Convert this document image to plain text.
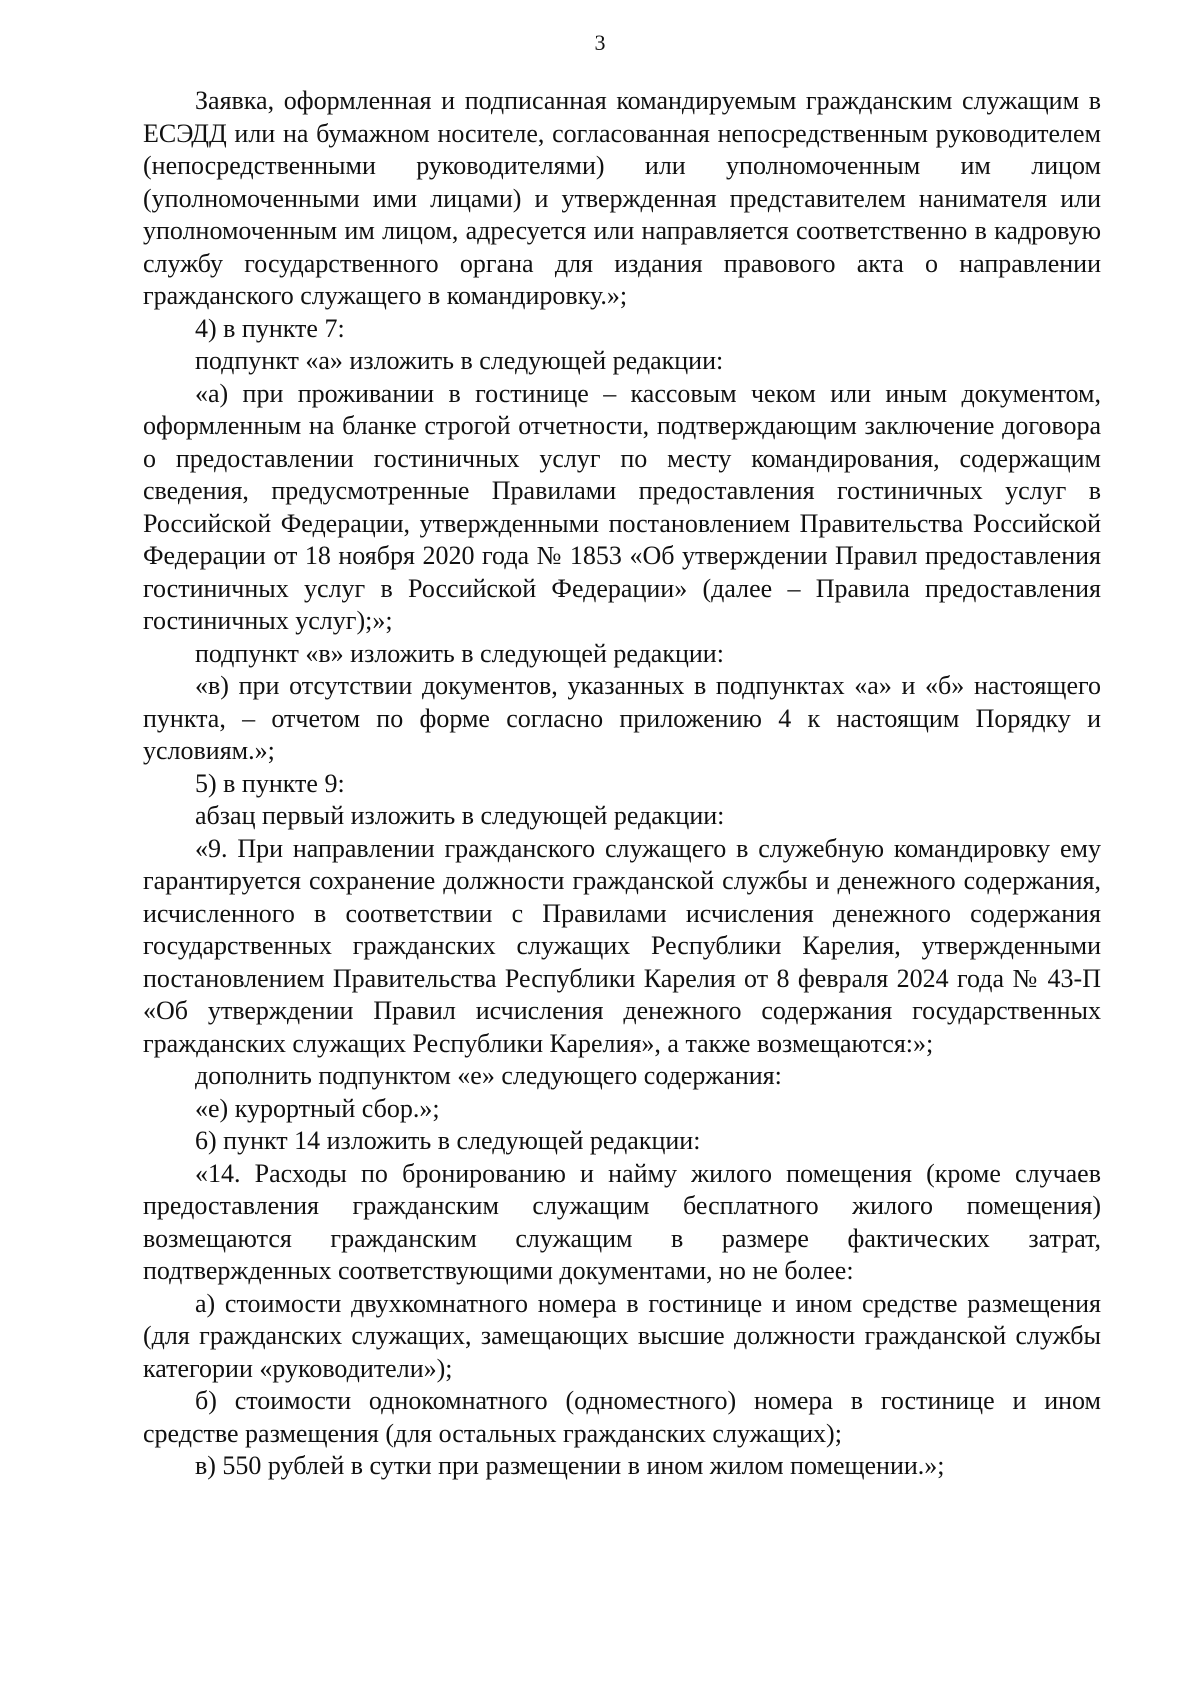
3

Заявка, оформленная и подписанная командируемым гражданским служащим в ЕСЭДД или на бумажном носителе, согласованная непосредственным руководителем (непосредственными руководителями) или уполномоченным им лицом (уполномоченными ими лицами) и утвержденная представителем нанимателя или уполномоченным им лицом, адресуется или направляется соответственно в кадровую службу государственного органа для издания правового акта о направлении гражданского служащего в командировку.»;

4) в пункте 7:

подпункт «а» изложить в следующей редакции:

«а) при проживании в гостинице – кассовым чеком или иным документом, оформленным на бланке строгой отчетности, подтверждающим заключение договора о предоставлении гостиничных услуг по месту командирования, содержащим сведения, предусмотренные Правилами предоставления гостиничных услуг в Российской Федерации, утвержденными постановлением Правительства Российской Федерации от 18 ноября 2020 года № 1853 «Об утверждении Правил предоставления гостиничных услуг в Российской Федерации» (далее – Правила предоставления гостиничных услуг);»;

подпункт «в» изложить в следующей редакции:

«в) при отсутствии документов, указанных в подпунктах «а» и «б» настоящего пункта, – отчетом по форме согласно приложению 4 к настоящим Порядку и условиям.»;

5) в пункте 9:

абзац первый изложить в следующей редакции:

«9. При направлении гражданского служащего в служебную командировку ему гарантируется сохранение должности гражданской службы и денежного содержания, исчисленного в соответствии с Правилами исчисления денежного содержания государственных гражданских служащих Республики Карелия, утвержденными постановлением Правительства Республики Карелия от 8 февраля 2024 года № 43-П «Об утверждении Правил исчисления денежного содержания государственных гражданских служащих Республики Карелия», а также возмещаются:»;

дополнить подпунктом «е» следующего содержания:

«е) курортный сбор.»;

6) пункт 14 изложить в следующей редакции:

«14. Расходы по бронированию и найму жилого помещения (кроме случаев предоставления гражданским служащим бесплатного жилого помещения) возмещаются гражданским служащим в размере фактических затрат, подтвержденных соответствующими документами, но не более:

а) стоимости двухкомнатного номера в гостинице и ином средстве размещения (для гражданских служащих, замещающих высшие должности гражданской службы категории «руководители»);

б) стоимости однокомнатного (одноместного) номера в гостинице и ином средстве размещения (для остальных гражданских служащих);

в) 550 рублей в сутки при размещении в ином жилом помещении.»;
